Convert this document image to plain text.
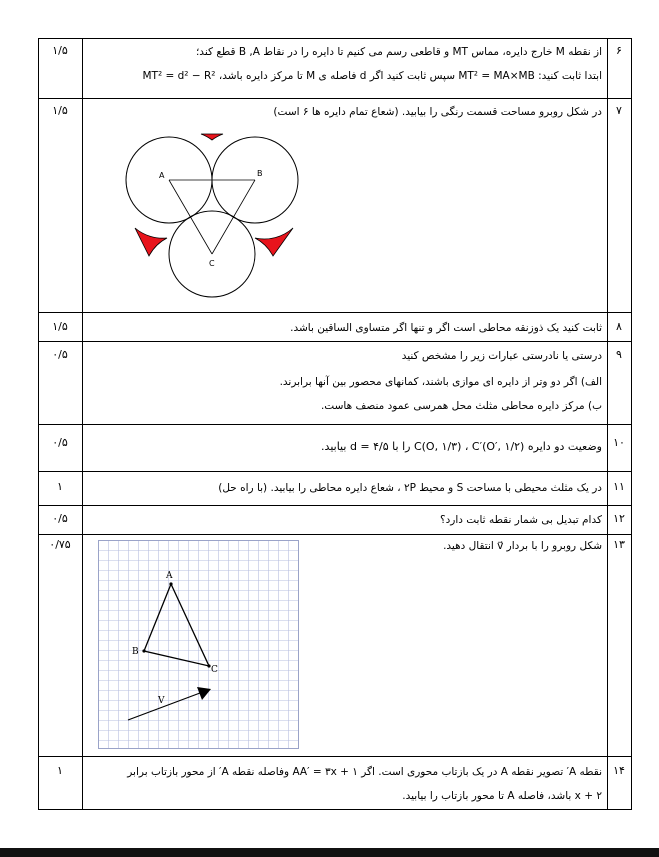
۶
۱/۵	از نقطه M خارج دایره، مماس MT و قاطعی رسم می کنیم تا دایره را در نقاط B ,A قطع کند؛
ابتدا ثابت کنید: MT² = MA×MB سپس ثابت کنید اگر d فاصله ی M تا مرکز دایره باشد، MT² = d² − R²
۷
۱/۵	در شکل روبرو مساحت قسمت رنگی را بیابید. (شعاع تمام دایره ها ۶ است)
A	B
C
۸
۱/۵	ثابت کنید یک ذوزنقه محاطی است اگر و تنها اگر متساوی الساقین باشد.
۹
۰/۵	درستی یا نادرستی عبارات زیر را مشخص کنید
الف) اگر دو وتر از دایره ای موازی باشند، کمانهای محصور بین آنها برابرند.
ب) مرکز دایره محاطی مثلث محل همرسی عمود منصف هاست.
۱۰
۰/۵	وضعیت دو دایره C(O, ۱/۳) ، C′(O′, ۱/۲) را با d = ۴/۵ بیابید.
۱۱
۱	در یک مثلث محیطی با مساحت S و محیط ۲P ، شعاع دایره محاطی را بیابید. (با راه حل)
۱۲
۰/۵	کدام تبدیل بی شمار نقطه ثابت دارد؟
۱۳
۰/۷۵	شکل روبرو را با بردار v⃗ انتقال دهید.
A
B
C
V
۱۴
۱	نقطه A′ تصویر نقطه A در یک بازتاب محوری است. اگر AA′ = ۳x + ۱ وفاصله نقطه A′ از محور بازتاب برابر
x + ۲ باشد، فاصله A تا محور بازتاب را بیابید.
